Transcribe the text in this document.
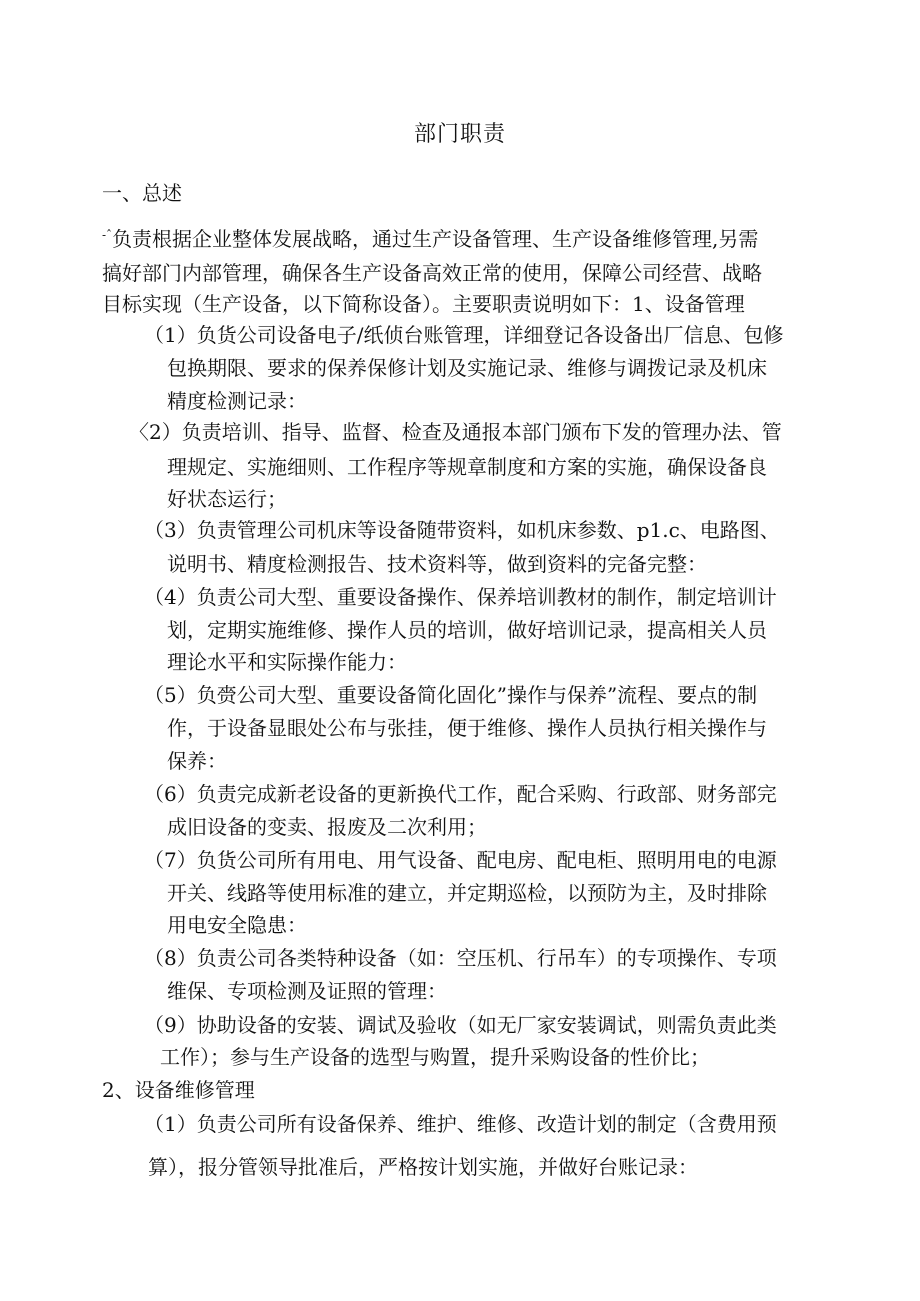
部门职责

一、总述

$^{-ˆ}$负责根据企业整体发展战略，通过生产设备管理、生产设备维修管理,另需

搞好部门内部管理，确保各生产设备高效正常的使用，保障公司经营、战略

目标实现（生产设备，以下简称设备）。主要职责说明如下：1、设备管理

（1）负货公司设备电子/纸侦台账管理，详细登记各设备出厂信息、包修

包换期限、要求的保养保修计划及实施记录、维修与调拨记录及机床

精度检测记录：

〈2）负责培训、指导、监督、检查及通报本部门颁布下发的管理办法、管

理规定、实施细则、工作程序等规章制度和方案的实施，确保设备良

好状态运行；

（3）负责管理公司机床等设备随带资料，如机床参数、p1.c、电路图、

说明书、精度检测报告、技术资料等，做到资料的完备完整：

（4）负责公司大型、重要设备操作、保养培训教材的制作，制定培训计

划，定期实施维修、操作人员的培训，做好培训记录，提高相关人员

理论水平和实际操作能力：

（5）负赍公司大型、重要设备简化固化”操作与保养”流程、要点的制

作，于设备显眼处公布与张挂，便于维修、操作人员执行相关操作与

保养：

（6）负责完成新老设备的更新换代工作，配合采购、行政部、财务部完

成旧设备的变卖、报废及二次利用；

（7）负货公司所有用电、用气设备、配电房、配电柜、照明用电的电源

开关、线路等使用标准的建立，并定期巡检，以预防为主，及时排除

用电安全隐患：

（8）负责公司各类特种设备（如：空压机、行吊车）的专项操作、专项

维保、专项检测及证照的管理：

（9）协助设备的安装、调试及验收（如无厂家安装调试，则需负责此类

工作）；参与生产设备的选型与购置，提升采购设备的性价比；

2、设备维修管理

（1）负责公司所有设备保养、维护、维修、改造计划的制定（含费用预

算），报分管领导批准后，严格按计划实施，并做好台账记录：
